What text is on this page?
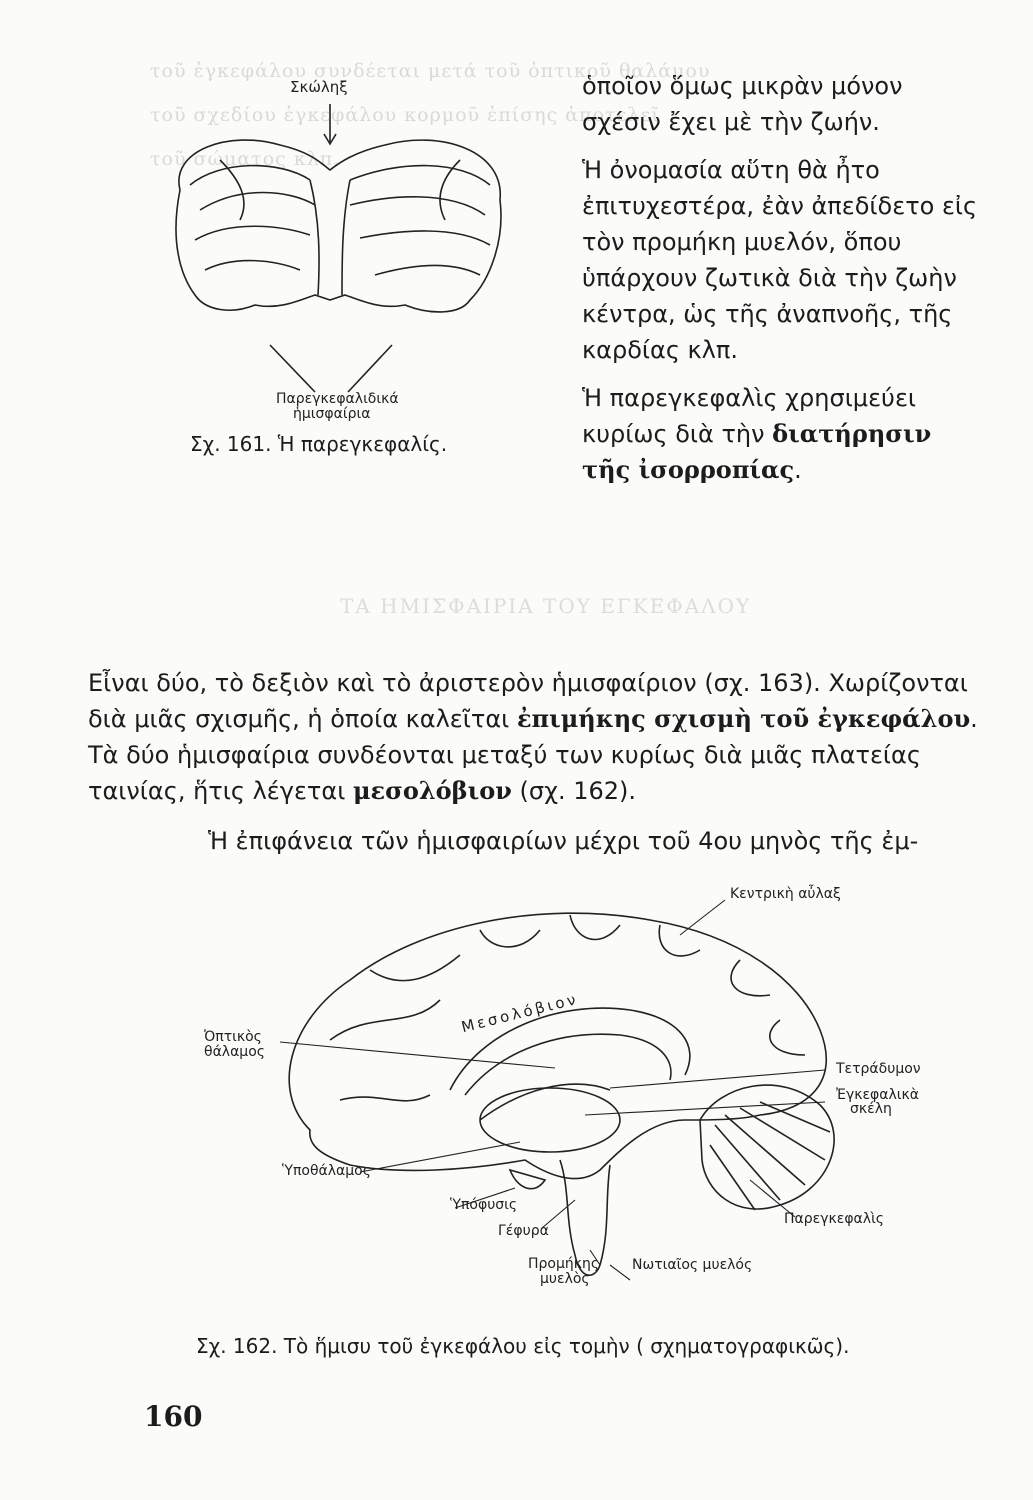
τοῦ ἐγκεφάλου συνδέεται μετά τοῦ ὀπτικοῦ θαλάμου
τοῦ σχεδίου ἐγκεφάλου κορμοῦ ἐπίσης ἀποτελεῖ
τοῦ σώματος κλπ.
ΤΑ ΗΜΙΣΦΑΙΡΙΑ ΤΟΥ ΕΓΚΕΦΑΛΟΥ
Σκώληξ
Παρεγκεφαλιδικά
ἡμισφαίρια
Σχ. 161. Ἡ παρεγκεφαλίς.

ὁποῖον ὅμως μικρὰν μόνον σχέσιν ἔχει μὲ τὴν ζωήν.

Ἡ ὀνομασία αὕτη θὰ ἦτο ἐπιτυχεστέρα, ἐὰν ἀπεδίδετο εἰς τὸν προμήκη μυελόν, ὅπου ὑπάρχουν ζωτικὰ διὰ τὴν ζωὴν κέντρα, ὡς τῆς ἀναπνοῆς, τῆς καρδίας κλπ.

Ἡ παρεγκεφαλὶς χρησιμεύει κυρίως διὰ τὴν διατήρησιν τῆς ἰσορροπίας.

Εἶναι δύο, τὸ δεξιὸν καὶ τὸ ἀριστερὸν ἡμισφαίριον (σχ. 163). Χωρίζονται διὰ μιᾶς σχισμῆς, ἡ ὁποία καλεῖται ἐπιμήκης σχισμὴ τοῦ ἐγκεφάλου. Τὰ δύο ἡμισφαίρια συνδέονται μεταξύ των κυρίως διὰ μιᾶς πλατείας ταινίας, ἥτις λέγεται μεσολόβιον (σχ. 162).

Ἡ ἐπιφάνεια τῶν ἡμισφαιρίων μέχρι τοῦ 4ου μηνὸς τῆς ἐμ-

Κεντρικὴ αὖλαξ
Μεσολόβιον
Ὀπτικὸς
θάλαμος
Τετράδυμον
Ἐγκεφαλικὰ
σκέλη
Ὑποθάλαμος
Ὑπόφυσις
Γέφυρα
Παρεγκεφαλὶς
Προμήκης
μυελὸς
Νωτιαῖος μυελός
Σχ. 162. Τὸ ἥμισυ τοῦ ἐγκεφάλου εἰς τομὴν ( σχηματογραφικῶς).
160
